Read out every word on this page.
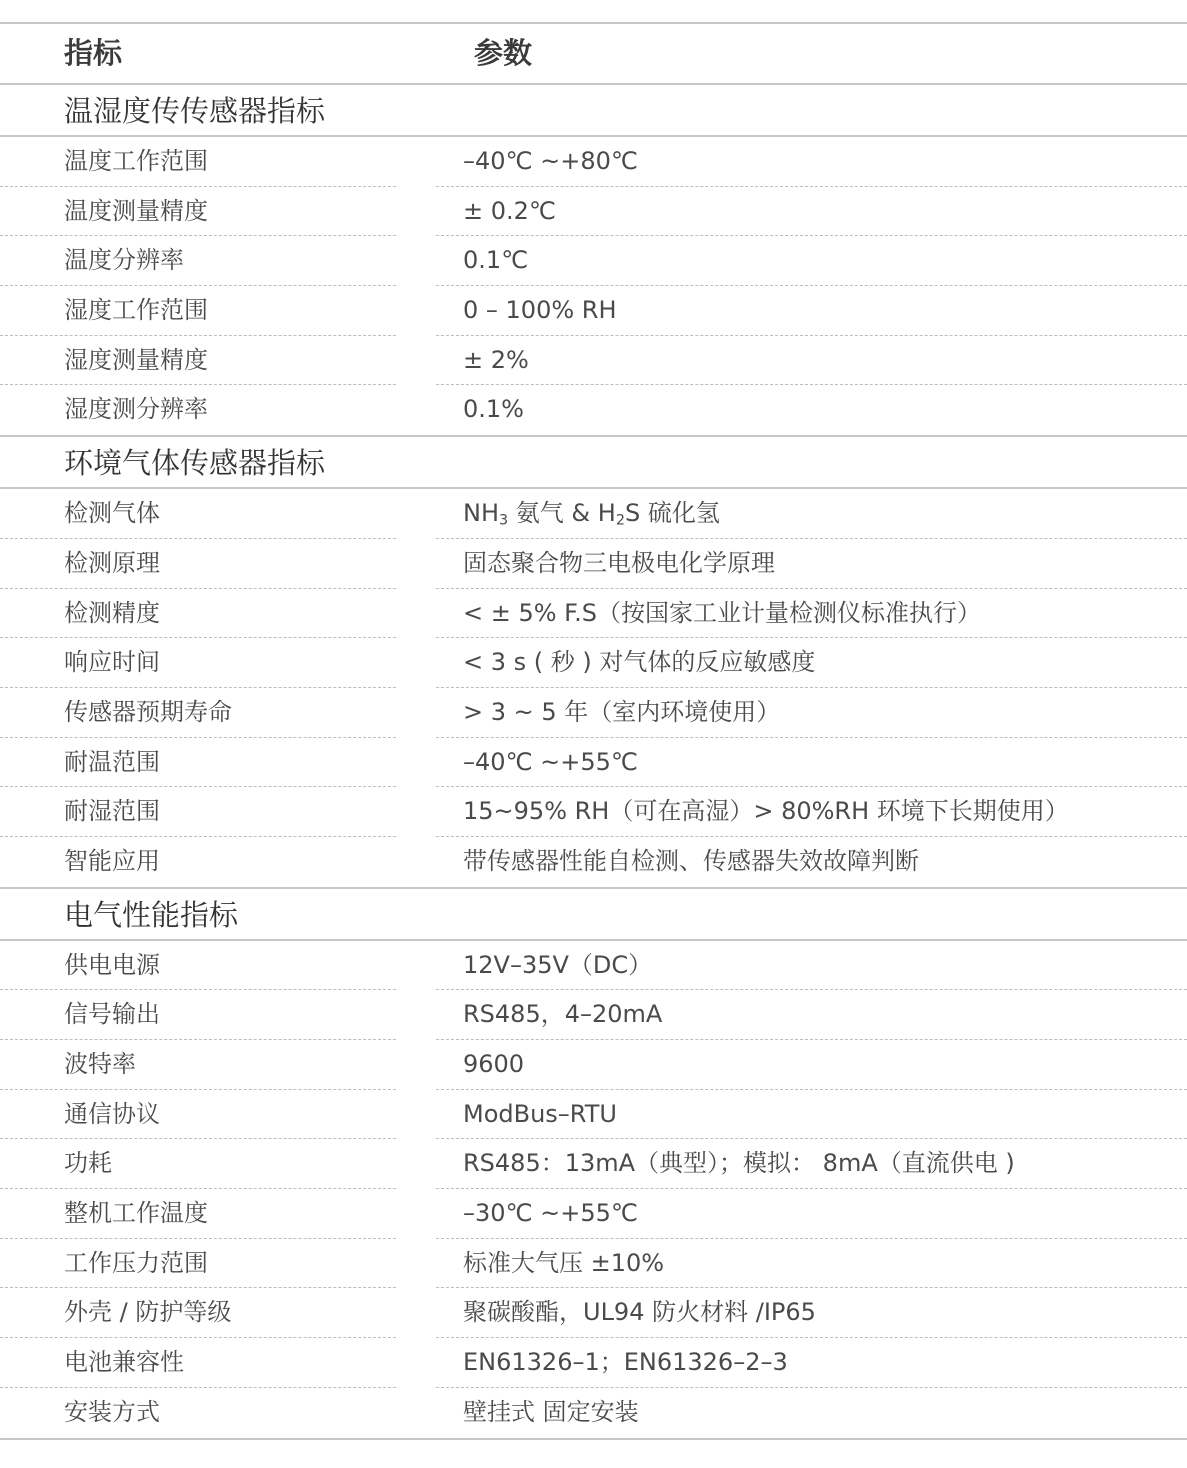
指标	参数
温湿度传传感器指标
温度工作范围	–40℃ ~+80℃
温度测量精度	± 0.2℃
温度分辨率	0.1℃
湿度工作范围	0 – 100% RH
湿度测量精度	± 2%
湿度测分辨率	0.1%
环境气体传感器指标
检测气体	$NH_3$ 氨气 & $H_2S$ 硫化氢
检测原理	固态聚合物三电极电化学原理
检测精度	< ± 5% F.S（按国家工业计量检测仪标准执行）
响应时间	< 3 s ( 秒 ) 对气体的反应敏感度
传感器预期寿命	> 3 ~ 5 年（室内环境使用）
耐温范围	–40℃ ~+55℃
耐湿范围	15~95% RH（可在高湿）> 80%RH 环境下长期使用）
智能应用	带传感器性能自检测、传感器失效故障判断
电气性能指标
供电电源	12V–35V（DC）
信号输出	RS485，4–20mA
波特率	9600
通信协议	ModBus–RTU
功耗	RS485：13mA（典型）；模拟： 8mA（直流供电 )
整机工作温度	–30℃ ~+55℃
工作压力范围	标准大气压 ±10%
外壳 / 防护等级	聚碳酸酯，UL94 防火材料 /IP65
电池兼容性	EN61326–1；EN61326–2–3
安装方式	壁挂式 固定安装
